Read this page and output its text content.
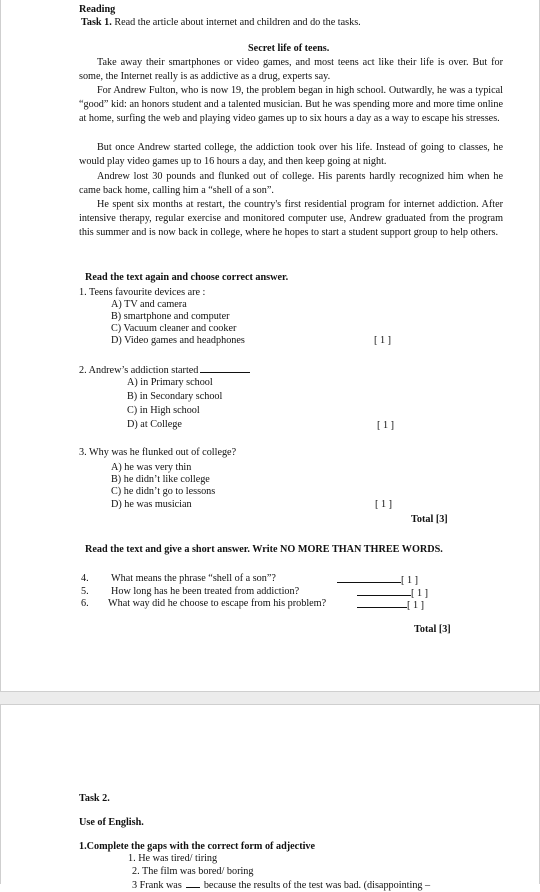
Reading
Task 1. Read the article about internet and children and do the tasks.
Secret life of teens.
Take away their smartphones or video games, and most teens act like their life is over. But for some, the Internet really is as addictive as a drug, experts say.
For Andrew Fulton, who is now 19, the problem began in high school. Outwardly, he was a typical “good” kid: an honors student and a talented musician. But he was spending more and more time online at home, surfing the web and playing video games up to six hours a day as a way to escape his stresses.
But once Andrew started college, the addiction took over his life. Instead of going to classes, he would play video games up to 16 hours a day, and then keep going at night.
Andrew lost 30 pounds and flunked out of college. His parents hardly recognized him when he came back home, calling him a “shell of a son”.
He spent six months at restart, the country's first residential program for internet addiction. After intensive therapy, regular exercise and monitored computer use, Andrew graduated from the program this summer and is now back in college, where he hopes to start a student support group to help others.
Read the text again and choose correct answer.
1. Teens favourite devices are :
A) TV and camera
B) smartphone and computer
C) Vacuum cleaner and cooker
D) Video games and headphones	[ 1 ]
2. Andrew’s addiction started
A) in Primary school
B) in Secondary school
C) in High school
D) at College	[ 1 ]
3. Why was he flunked out of college?
A) he was very thin
B) he didn’t like college
C) he didn’t go to lessons
D) he was musician	[ 1 ]
Total [3]
Read the text and give a short answer. Write NO MORE THAN THREE WORDS.
4. What means the phrase “shell of a son”?	[ 1 ]
5. How long has he been treated from addiction?	[ 1 ]
6. What way did he choose to escape from his problem?	[ 1 ]
Total [3]
Task 2.
Use of English.
1.Complete the gaps with the correct form of adjective
1. He was tired/ tiring
2. The film was bored/ boring
3 Frank was because the results of the test was bad. (disappointing –
